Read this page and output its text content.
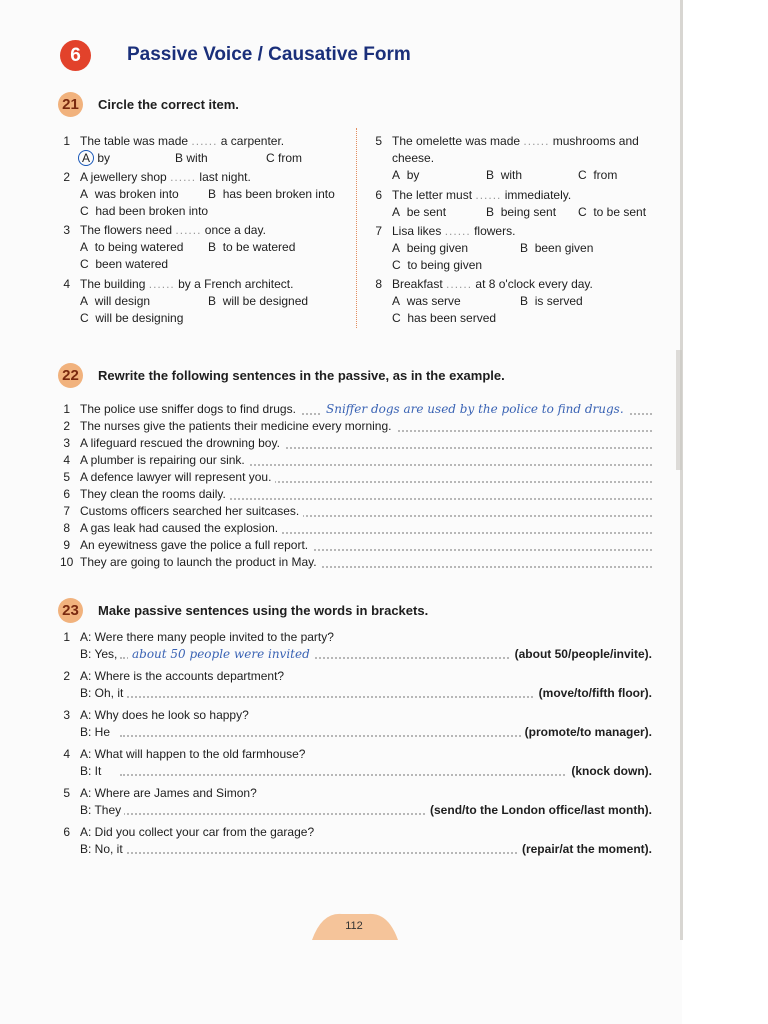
6	Passive Voice / Causative Form
21	Circle the correct item.
1 The table was made ...... a carpenter.
A by	B with	C from
2 A jewellery shop ...... last night.
A was broken into B has been broken into
C had been broken into
3 The flowers need ...... once a day.
A to being watered B to be watered
C been watered
4 The building ...... by a French architect.
A will design	B will be designed
C will be designing
5 The omelette was made ...... mushrooms and
cheese.
A by	B with	C from
6 The letter must ...... immediately.
A be sent	B being sent C to be sent
7 Lisa likes ...... flowers.
A being given	B been given
C to being given
8 Breakfast ...... at 8 o'clock every day.
A was serve	B is served
C has been served
22	Rewrite the following sentences in the passive, as in the example.
1 The police use sniffer dogs to find drugs.	Sniffer dogs are used by the police to find drugs.
2 The nurses give the patients their medicine every morning.
3 A lifeguard rescued the drowning boy.
4 A plumber is repairing our sink.
5 A defence lawyer will represent you.
6 They clean the rooms daily.
7 Customs officers searched her suitcases.
8 A gas leak had caused the explosion.
9 An eyewitness gave the police a full report.
10 They are going to launch the product in May.
23	Make passive sentences using the words in brackets.
1 A: Were there many people invited to the party?
B: Yes,	about 50 people were invited	(about 50/people/invite).
2 A: Where is the accounts department?
B: Oh, it	(move/to/fifth floor).
3 A: Why does he look so happy?
B: He	(promote/to manager).
4 A: What will happen to the old farmhouse?
B: It	(knock down).
5 A: Where are James and Simon?
B: They	(send/to the London office/last month).
6 A: Did you collect your car from the garage?
B: No, it	(repair/at the moment).
112
